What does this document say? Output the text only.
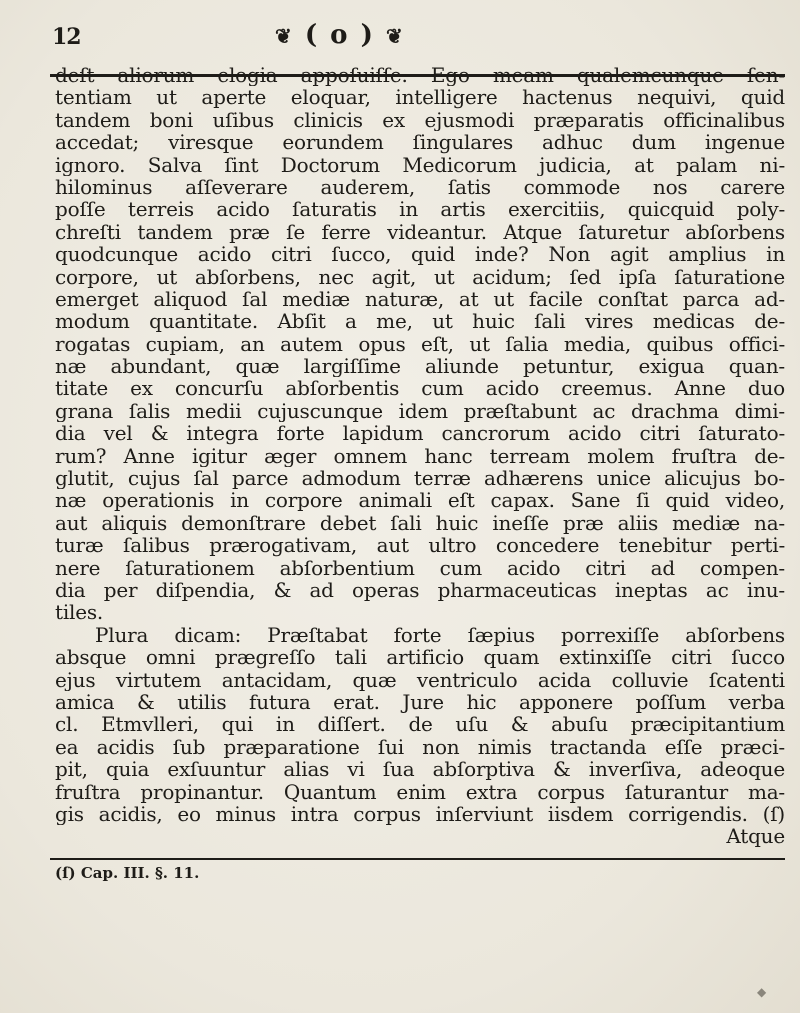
12	❦ ( o ) ❦
deſt aliorum elogia appoſuiſſe. Ego meam qualemcunque ſen-
tentiam ut aperte eloquar, intelligere hactenus nequivi, quid
tandem boni uſibus clinicis ex ejusmodi præparatis officinalibus
accedat; viresque eorundem ſingulares adhuc dum ingenue
ignoro. Salva ſint Doctorum Medicorum judicia, at palam ni-
hilominus aſſeverare auderem, ſatis commode nos carere
poſſe terreis acido ſaturatis in artis exercitiis, quicquid poly-
chreſti tandem præ ſe ferre videantur. Atque ſaturetur abſorbens
quodcunque acido citri ſucco, quid inde? Non agit amplius in
corpore, ut abſorbens, nec agit, ut acidum; ſed ipſa ſaturatione
emerget aliquod ſal mediæ naturæ, at ut facile conſtat parca ad-
modum quantitate. Abſit a me, ut huic ſali vires medicas de-
rogatas cupiam, an autem opus eſt, ut ſalia media, quibus offici-
næ abundant, quæ largiſſime aliunde petuntur, exigua quan-
titate ex concurſu abſorbentis cum acido creemus. Anne duo
grana ſalis medii cujuscunque idem præſtabunt ac drachma dimi-
dia vel & integra forte lapidum cancrorum acido citri ſaturato-
rum? Anne igitur æger omnem hanc terream molem fruſtra de-
glutit, cujus ſal parce admodum terræ adhærens unice alicujus bo-
næ operationis in corpore animali eſt capax. Sane ſi quid video,
aut aliquis demonſtrare debet ſali huic ineſſe præ aliis mediæ na-
turæ ſalibus prærogativam, aut ultro concedere tenebitur perti-
nere ſaturationem abſorbentium cum acido citri ad compen-
dia per diſpendia, & ad operas pharmaceuticas ineptas ac inu-
tiles.
Plura dicam: Præſtabat forte ſæpius porrexiſſe abſorbens
absque omni prægreſſo tali artificio quam extinxiſſe citri ſucco
ejus virtutem antacidam, quæ ventriculo acida colluvie ſcatenti
amica & utilis futura erat. Jure hic apponere poſſum verba
cl. Etmvlleri, qui in diſſert. de uſu & abuſu præcipitantium
ea acidis ſub præparatione ſui non nimis tractanda eſſe præci-
pit, quia exſuuntur alias vi ſua abſorptiva & inverſiva, adeoque
fruſtra propinantur. Quantum enim extra corpus ſaturantur ma-
gis acidis, eo minus intra corpus inſerviunt iisdem corrigendis. (ſ)
Atque
(ſ) Cap. III. §. 11.
◆
